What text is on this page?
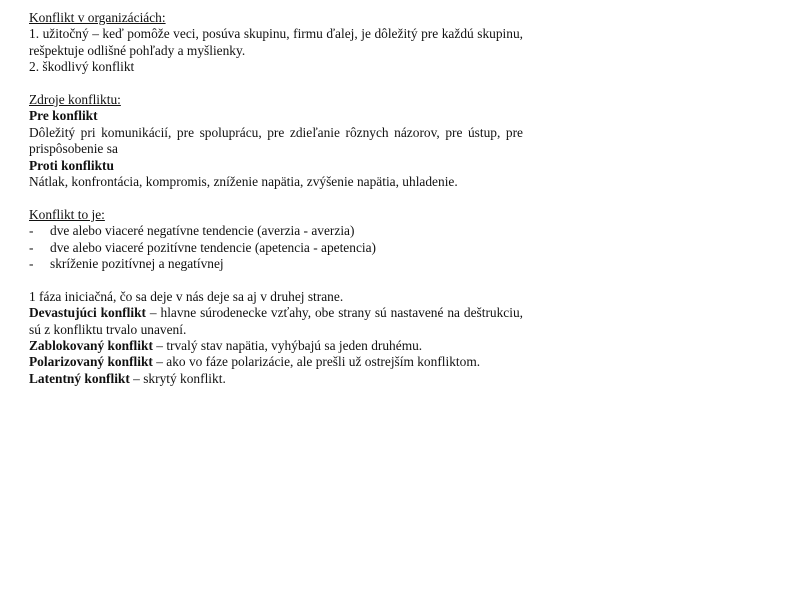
Konflikt v organizáciách:

1. užitočný – keď pomôže veci, posúva skupinu, firmu ďalej, je dôležitý pre každú skupinu, rešpektuje odlišné pohľady a myšlienky.

2. škodlivý konflikt

Zdroje konfliktu:

Pre konflikt

Dôležitý pri komunikácií, pre spoluprácu, pre zdieľanie rôznych názorov, pre ústup, pre prispôsobenie sa

Proti konfliktu

Nátlak, konfrontácia, kompromis, zníženie napätia, zvýšenie napätia, uhladenie.

Konflikt to je:

-	dve alebo viaceré negatívne tendencie (averzia - averzia)
-	dve alebo viaceré pozitívne tendencie (apetencia - apetencia)
-	skríženie pozitívnej a negatívnej

1 fáza iniciačná, čo sa deje v nás deje sa aj v druhej strane.

Devastujúci konflikt – hlavne súrodenecke vzťahy, obe strany sú nastavené na deštrukciu, sú z konfliktu trvalo unavení.

Zablokovaný konflikt – trvalý stav napätia, vyhýbajú sa jeden druhému.

Polarizovaný konflikt – ako vo fáze polarizácie, ale prešli už ostrejším konfliktom.

Latentný konflikt – skrytý konflikt.
